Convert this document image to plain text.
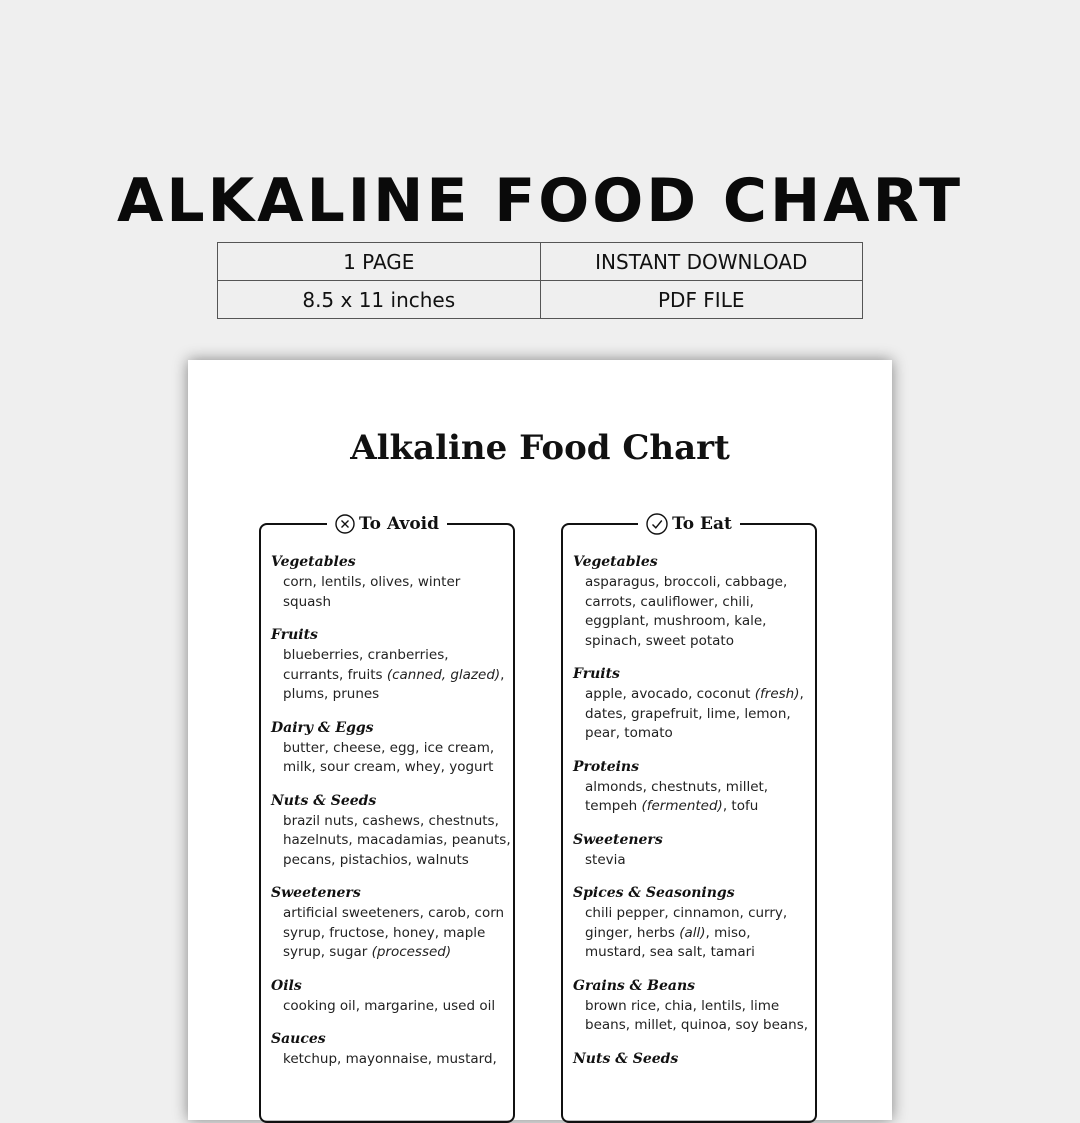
ALKALINE FOOD CHART
1 PAGE	INSTANT DOWNLOAD
8.5 x 11 inches	PDF FILE
Alkaline Food Chart
To Avoid
Vegetables
corn, lentils, olives, winter squash
Fruits
blueberries, cranberries, currants, fruits (canned, glazed), plums, prunes
Dairy & Eggs
butter, cheese, egg, ice cream, milk, sour cream, whey, yogurt
Nuts & Seeds
brazil nuts, cashews, chestnuts, hazelnuts, macadamias, peanuts, pecans, pistachios, walnuts
Sweeteners
artificial sweeteners, carob, corn syrup, fructose, honey, maple syrup, sugar (processed)
Oils
cooking oil, margarine, used oil
Sauces
ketchup, mayonnaise, mustard,
To Eat
Vegetables
asparagus, broccoli, cabbage, carrots, cauliflower, chili, eggplant, mushroom, kale, spinach, sweet potato
Fruits
apple, avocado, coconut (fresh), dates, grapefruit, lime, lemon, pear, tomato
Proteins
almonds, chestnuts, millet, tempeh (fermented), tofu
Sweeteners
stevia
Spices & Seasonings
chili pepper, cinnamon, curry, ginger, herbs (all), miso, mustard, sea salt, tamari
Grains & Beans
brown rice, chia, lentils, lime beans, millet, quinoa, soy beans,
Nuts & Seeds
